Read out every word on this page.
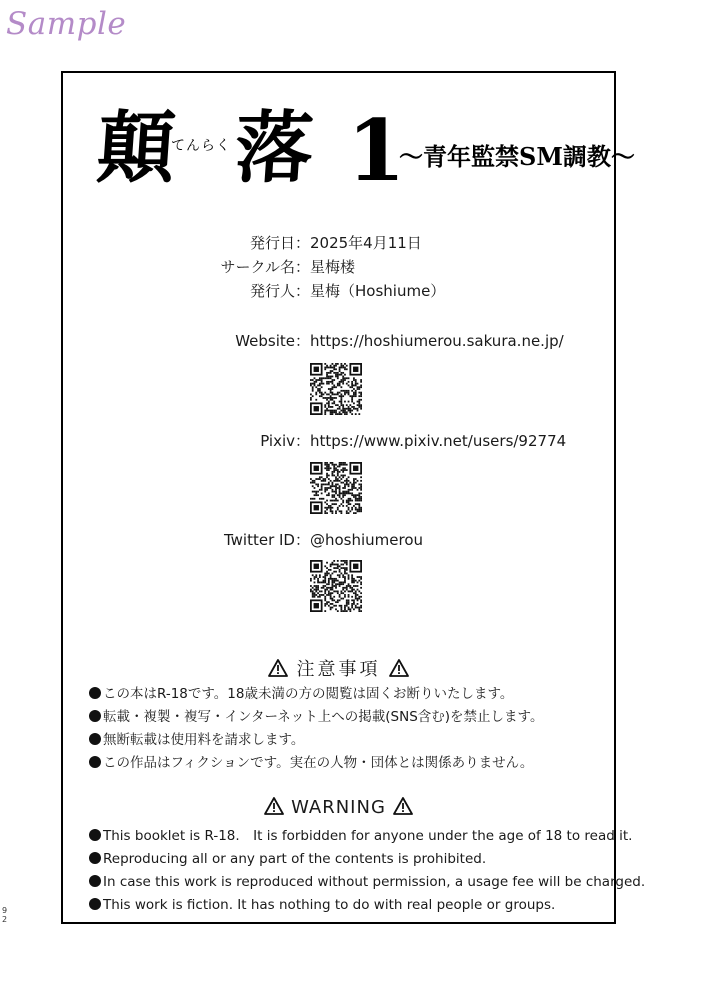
Sample
顛
てんらく 落 1
〜青年監禁SM調教〜
発行日： 2025年4月11日
サークル名： 星梅楼
発行人： 星梅（Hoshiume）
Website： https://hoshiumerou.sakura.ne.jp/
Pixiv： https://www.pixiv.net/users/92774
Twitter ID： @hoshiumerou
注意事項
この本はR-18です。18歳未満の方の閲覧は固くお断りいたします。
転載・複製・複写・インターネット上への掲載(SNS含む)を禁止します。
無断転載は使用料を請求します。
この作品はフィクションです。実在の人物・団体とは関係ありません。
WARNING
This booklet is R-18.　It is forbidden for anyone under the age of 18 to read it.
Reproducing all or any part of the contents is prohibited.
In case this work is reproduced without permission, a usage fee will be charged.
This work is fiction. It has nothing to do with real people or groups.
9
2
